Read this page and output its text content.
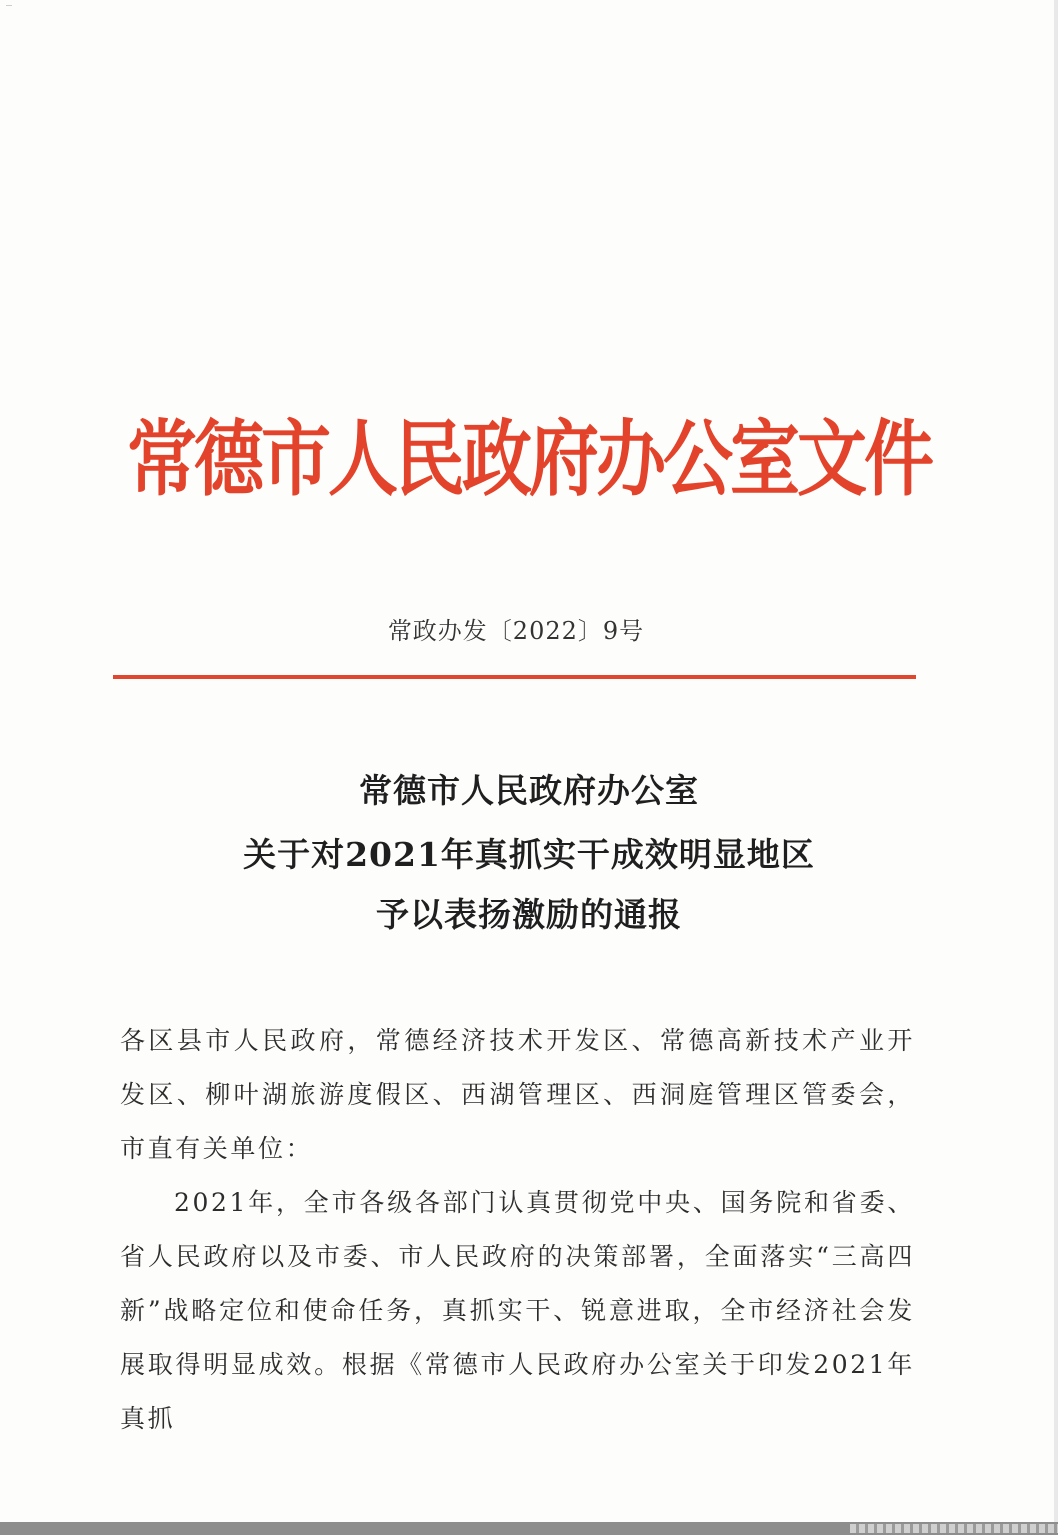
‾
常德市人民政府办公室文件
常政办发〔2022〕9号
常德市人民政府办公室
关于对2021年真抓实干成效明显地区
予以表扬激励的通报

各区县市人民政府，常德经济技术开发区、常德高新技术产业开发区、柳叶湖旅游度假区、西湖管理区、西洞庭管理区管委会，市直有关单位：

2021年，全市各级各部门认真贯彻党中央、国务院和省委、省人民政府以及市委、市人民政府的决策部署，全面落实“三高四新”战略定位和使命任务，真抓实干、锐意进取，全市经济社会发展取得明显成效。根据《常德市人民政府办公室关于印发2021年真抓
